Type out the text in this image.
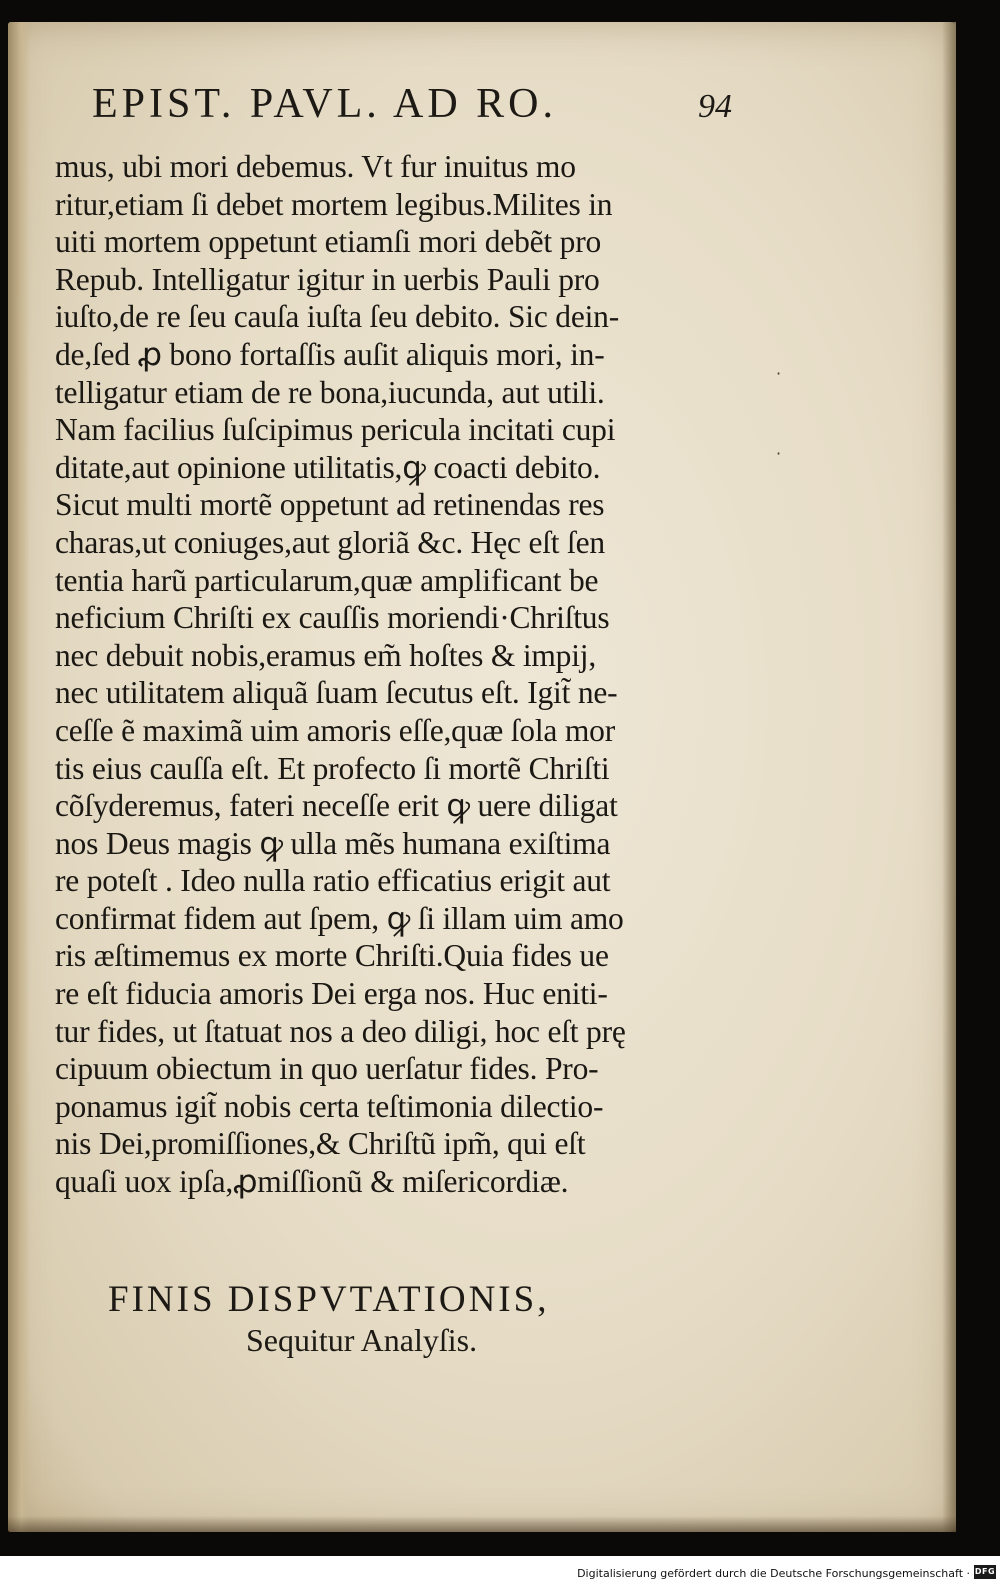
EPIST. PAVL. AD RO.	94
mus, ubi mori debemus. Vt fur inuitus mo
ritur,etiam ſi debet mortem legibus.Milites in
uiti mortem oppetunt etiamſi mori debẽt pro
Repub. Intelligatur igitur in uerbis Pauli pro
iuſto,de re ſeu cauſa iuſta ſeu debito. Sic dein-
de,ſed ꝓ bono fortaſſis auſit aliquis mori, in-
telligatur etiam de re bona,iucunda, aut utili.
Nam facilius ſuſcipimus pericula incitati cupi
ditate,aut opinione utilitatis,ꝙ coacti debito.
Sicut multi mortẽ oppetunt ad retinendas res
charas,ut coniuges,aut gloriã &c. Hęc eſt ſen
tentia harũ particularum,quæ amplificant be
neficium Chriſti ex cauſſis moriendi·Chriſtus
nec debuit nobis,eramus em̃ hoſtes & impij,
nec utilitatem aliquã ſuam ſecutus eſt. Igit̃ ne-
ceſſe ẽ maximã uim amoris eſſe,quæ ſola mor
tis eius cauſſa eſt. Et profecto ſi mortẽ Chriſti
cõſyderemus, fateri neceſſe erit ꝙ uere diligat
nos Deus magis ꝙ ulla mẽs humana exiſtima
re poteſt . Ideo nulla ratio efficatius erigit aut
confirmat fidem aut ſpem, ꝙ ſi illam uim amo
ris æſtimemus ex morte Chriſti.Quia fides ue
re eſt fiducia amoris Dei erga nos. Huc eniti-
tur fides, ut ſtatuat nos a deo diligi, hoc eſt prę
cipuum obiectum in quo uerſatur fides. Pro-
ponamus igit̃ nobis certa teſtimonia dilectio-
nis Dei,promiſſiones,& Chriſtũ ipm̃, qui eſt
quaſi uox ipſa,ꝓmiſſionũ & miſericordiæ.
FINIS DISPVTATIONIS,
Sequitur Analyſis.
·
·
Digitalisierung gefördert durch die Deutsche Forschungsgemeinschaft · DFG
